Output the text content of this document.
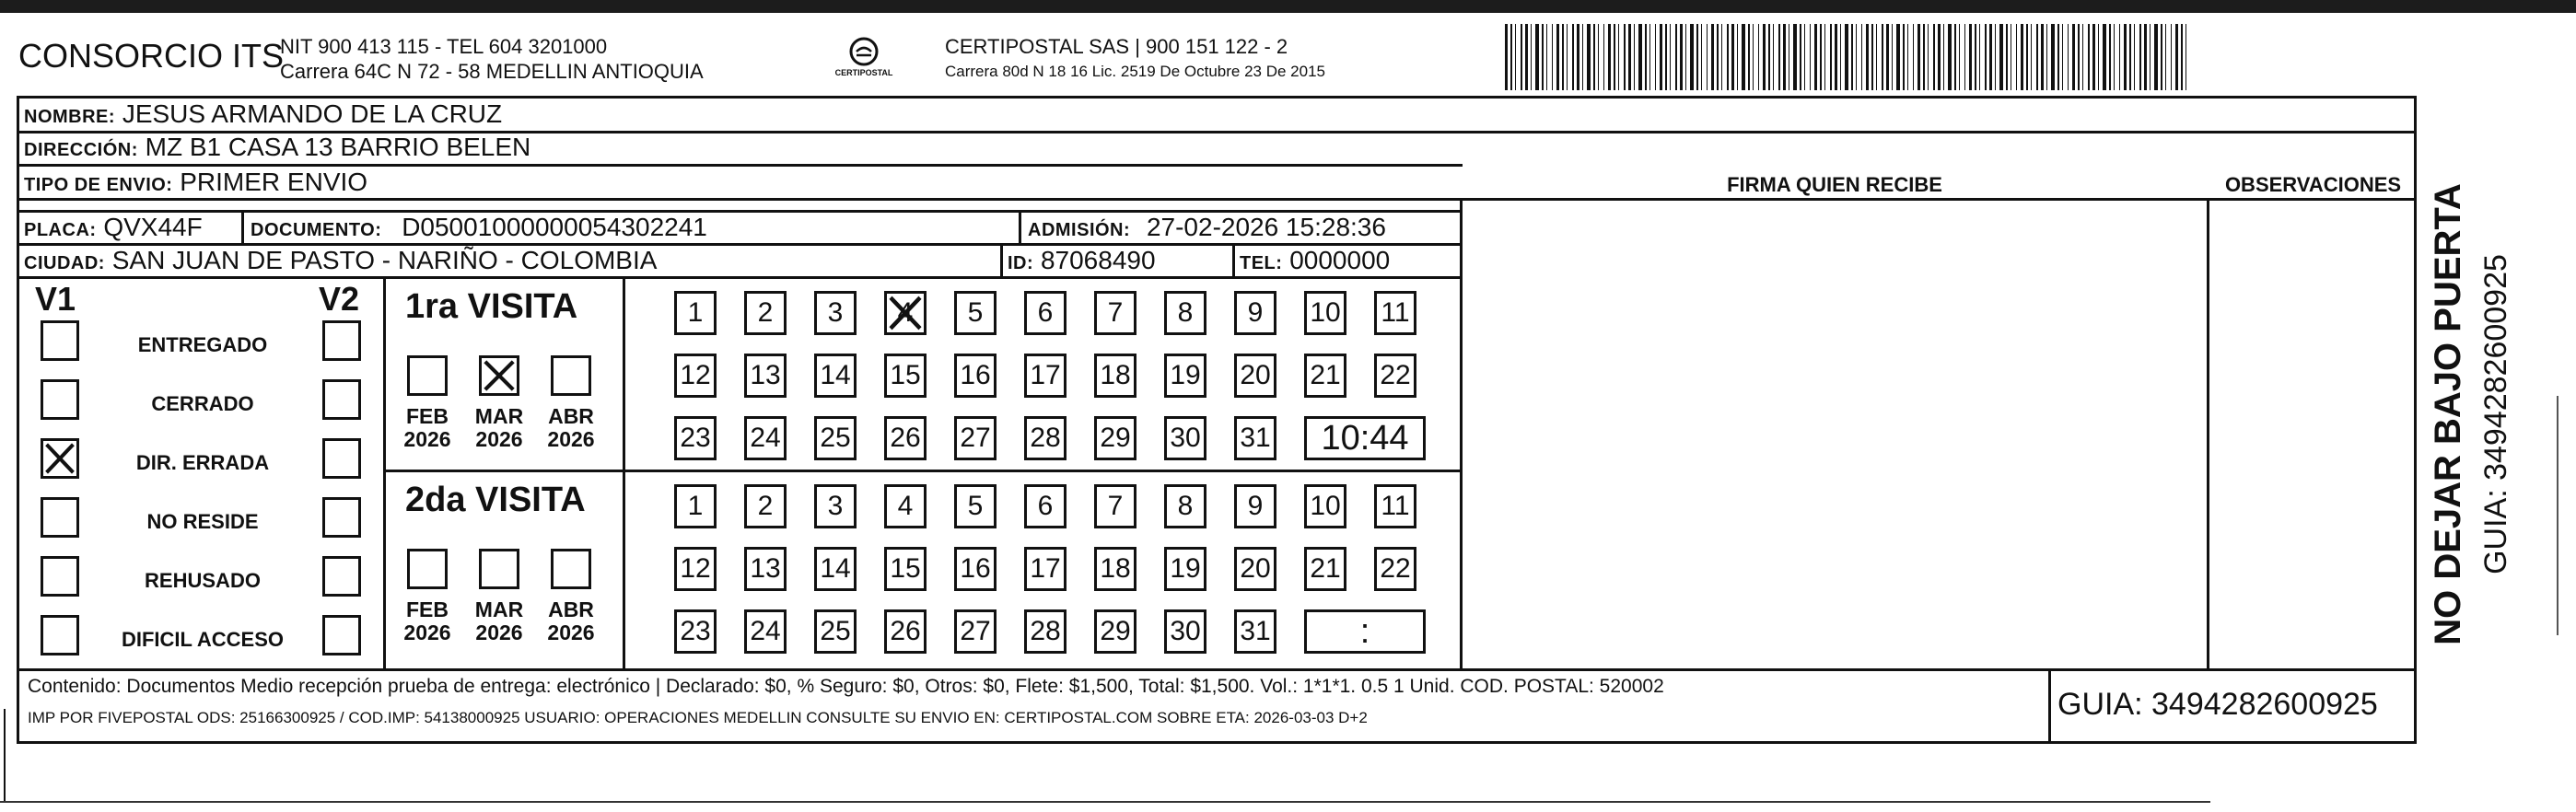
CONSORCIO ITS
NIT 900 413 115 - TEL 604 3201000
Carrera 64C N 72 - 58 MEDELLIN ANTIOQUIA	CERTIPOSTAL
CERTIPOSTAL SAS | 900 151 122 - 2
Carrera 80d N 18 16 Lic. 2519 De Octubre 23 De 2015
NOMBRE: JESUS ARMANDO DE LA CRUZ
DIRECCIÓN: MZ B1 CASA 13 BARRIO BELEN
TIPO DE ENVIO: PRIMER ENVIO
PLACA: QVX44F	DOCUMENTO: D05001000000054302241	ADMISIÓN: 27-02-2026 15:28:36
CIUDAD: SAN JUAN DE PASTO - NARIÑO - COLOMBIA	ID: 87068490	TEL: 0000000
FIRMA QUIEN RECIBE	OBSERVACIONES
V1	V2
ENTREGADO
CERRADO
DIR. ERRADA
NO RESIDE
REHUSADO
DIFICIL ACCESO
1ra VISITA
2da VISITA
FEB
2026
MAR
2026
ABR
2026
1	2	3	4	5	6	7	8	9	10 11
12 13 14 15 16 17 18 19 20 21 22
23 24 25 26 27 28 29 30 31	10:44
FEB
2026
MAR
2026
ABR
2026
1	2	3	4	5	6	7	8	9	10 11
12 13 14 15 16 17 18 19 20 21 22
23 24 25 26 27 28 29 30 31	:
Contenido: Documentos Medio recepción prueba de entrega: electrónico | Declarado: $0, % Seguro: $0, Otros: $0, Flete: $1,500, Total: $1,500. Vol.: 1*1*1. 0.5 1 Unid. COD. POSTAL: 520002
IMP POR FIVEPOSTAL ODS: 25166300925 / COD.IMP: 54138000925 USUARIO: OPERACIONES MEDELLIN CONSULTE SU ENVIO EN: CERTIPOSTAL.COM SOBRE ETA: 2026-03-03 D+2	GUIA: 3494282600925
NO DEJAR BAJO PUERTA GUIA: 3494282600925
